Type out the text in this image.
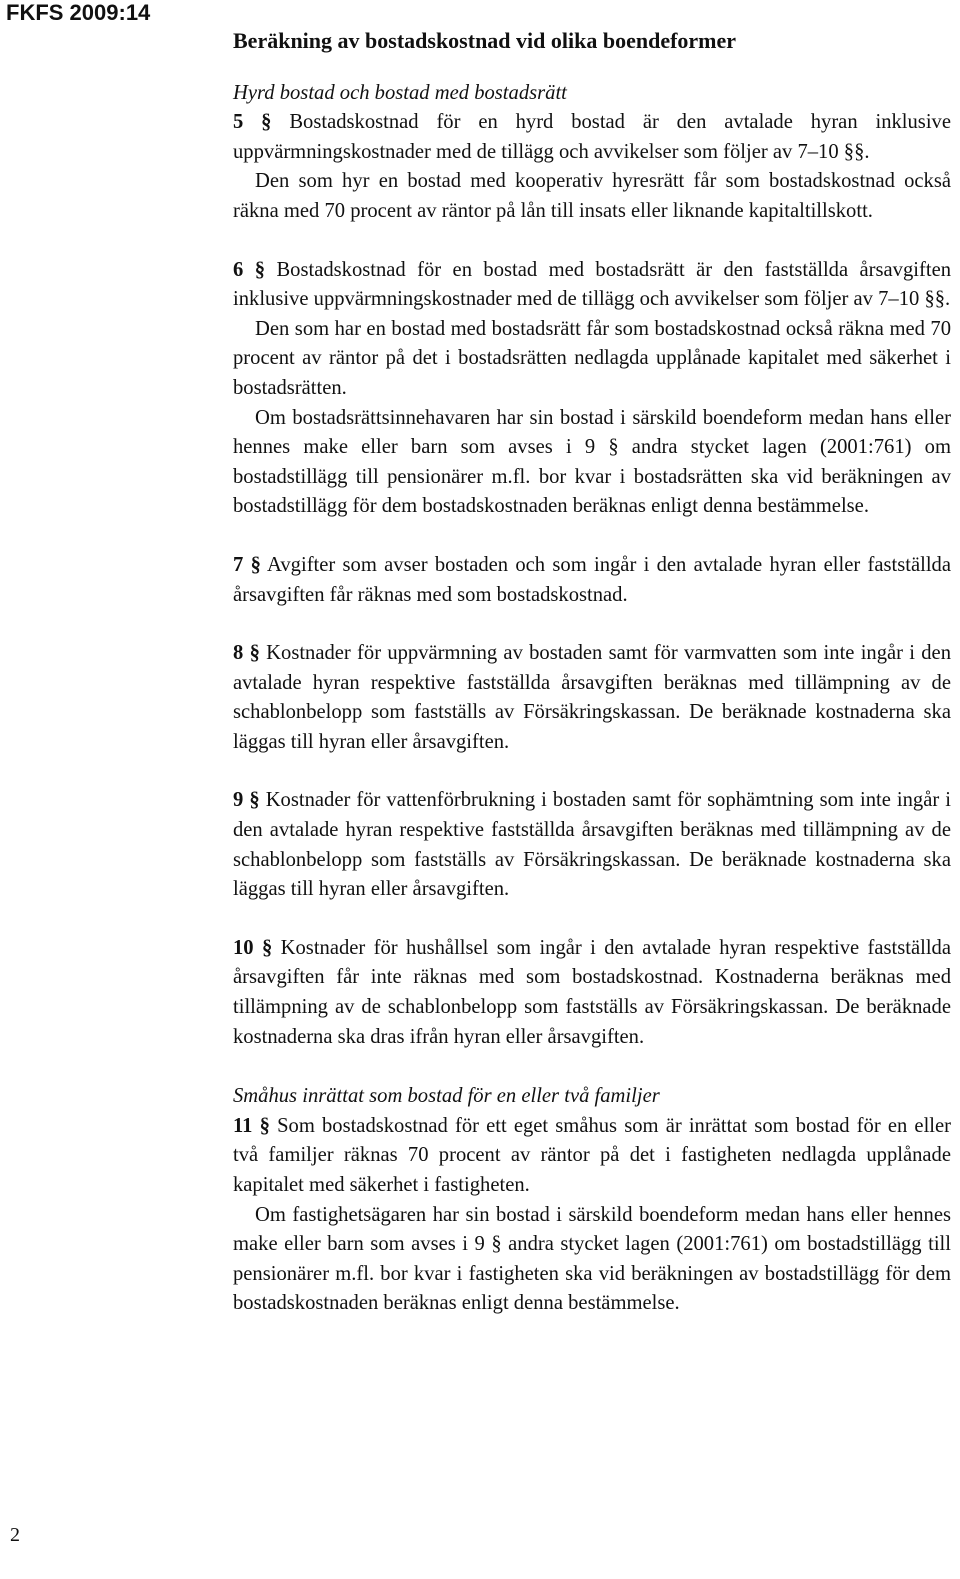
FKFS 2009:14
2
Beräkning av bostadskostnad vid olika boendeformer
Hyrd bostad och bostad med bostadsrätt

5 § Bostadskostnad för en hyrd bostad är den avtalade hyran inklusive uppvärmningskostnader med de tillägg och avvikelser som följer av 7–10 §§.

Den som hyr en bostad med kooperativ hyresrätt får som bostadskostnad också räkna med 70 procent av räntor på lån till insats eller liknande kapitaltillskott.

6 § Bostadskostnad för en bostad med bostadsrätt är den fastställda årsavgiften inklusive uppvärmningskostnader med de tillägg och avvikelser som följer av 7–10 §§.

Den som har en bostad med bostadsrätt får som bostadskostnad också räkna med 70 procent av räntor på det i bostadsrätten nedlagda upplånade kapitalet med säkerhet i bostadsrätten.

Om bostadsrättsinnehavaren har sin bostad i särskild boendeform medan hans eller hennes make eller barn som avses i 9 § andra stycket lagen (2001:761) om bostadstillägg till pensionärer m.fl. bor kvar i bostadsrätten ska vid beräkningen av bostadstillägg för dem bostadskostnaden beräknas enligt denna bestämmelse.

7 § Avgifter som avser bostaden och som ingår i den avtalade hyran eller fastställda årsavgiften får räknas med som bostadskostnad.

8 § Kostnader för uppvärmning av bostaden samt för varmvatten som inte ingår i den avtalade hyran respektive fastställda årsavgiften beräknas med tillämpning av de schablonbelopp som fastställs av Försäkringskassan. De beräknade kostnaderna ska läggas till hyran eller årsavgiften.

9 § Kostnader för vattenförbrukning i bostaden samt för sophämtning som inte ingår i den avtalade hyran respektive fastställda årsavgiften beräknas med tillämpning av de schablonbelopp som fastställs av Försäkringskassan. De beräknade kostnaderna ska läggas till hyran eller årsavgiften.

10 § Kostnader för hushållsel som ingår i den avtalade hyran respektive fastställda årsavgiften får inte räknas med som bostadskostnad. Kostnaderna beräknas med tillämpning av de schablonbelopp som fastställs av Försäkringskassan. De beräknade kostnaderna ska dras ifrån hyran eller årsavgiften.

Småhus inrättat som bostad för en eller två familjer

11 § Som bostadskostnad för ett eget småhus som är inrättat som bostad för en eller två familjer räknas 70 procent av räntor på det i fastigheten nedlagda upplånade kapitalet med säkerhet i fastigheten.

Om fastighetsägaren har sin bostad i särskild boendeform medan hans eller hennes make eller barn som avses i 9 § andra stycket lagen (2001:761) om bostadstillägg till pensionärer m.fl. bor kvar i fastigheten ska vid beräkningen av bostadstillägg för dem bostadskostnaden beräknas enligt denna bestämmelse.
